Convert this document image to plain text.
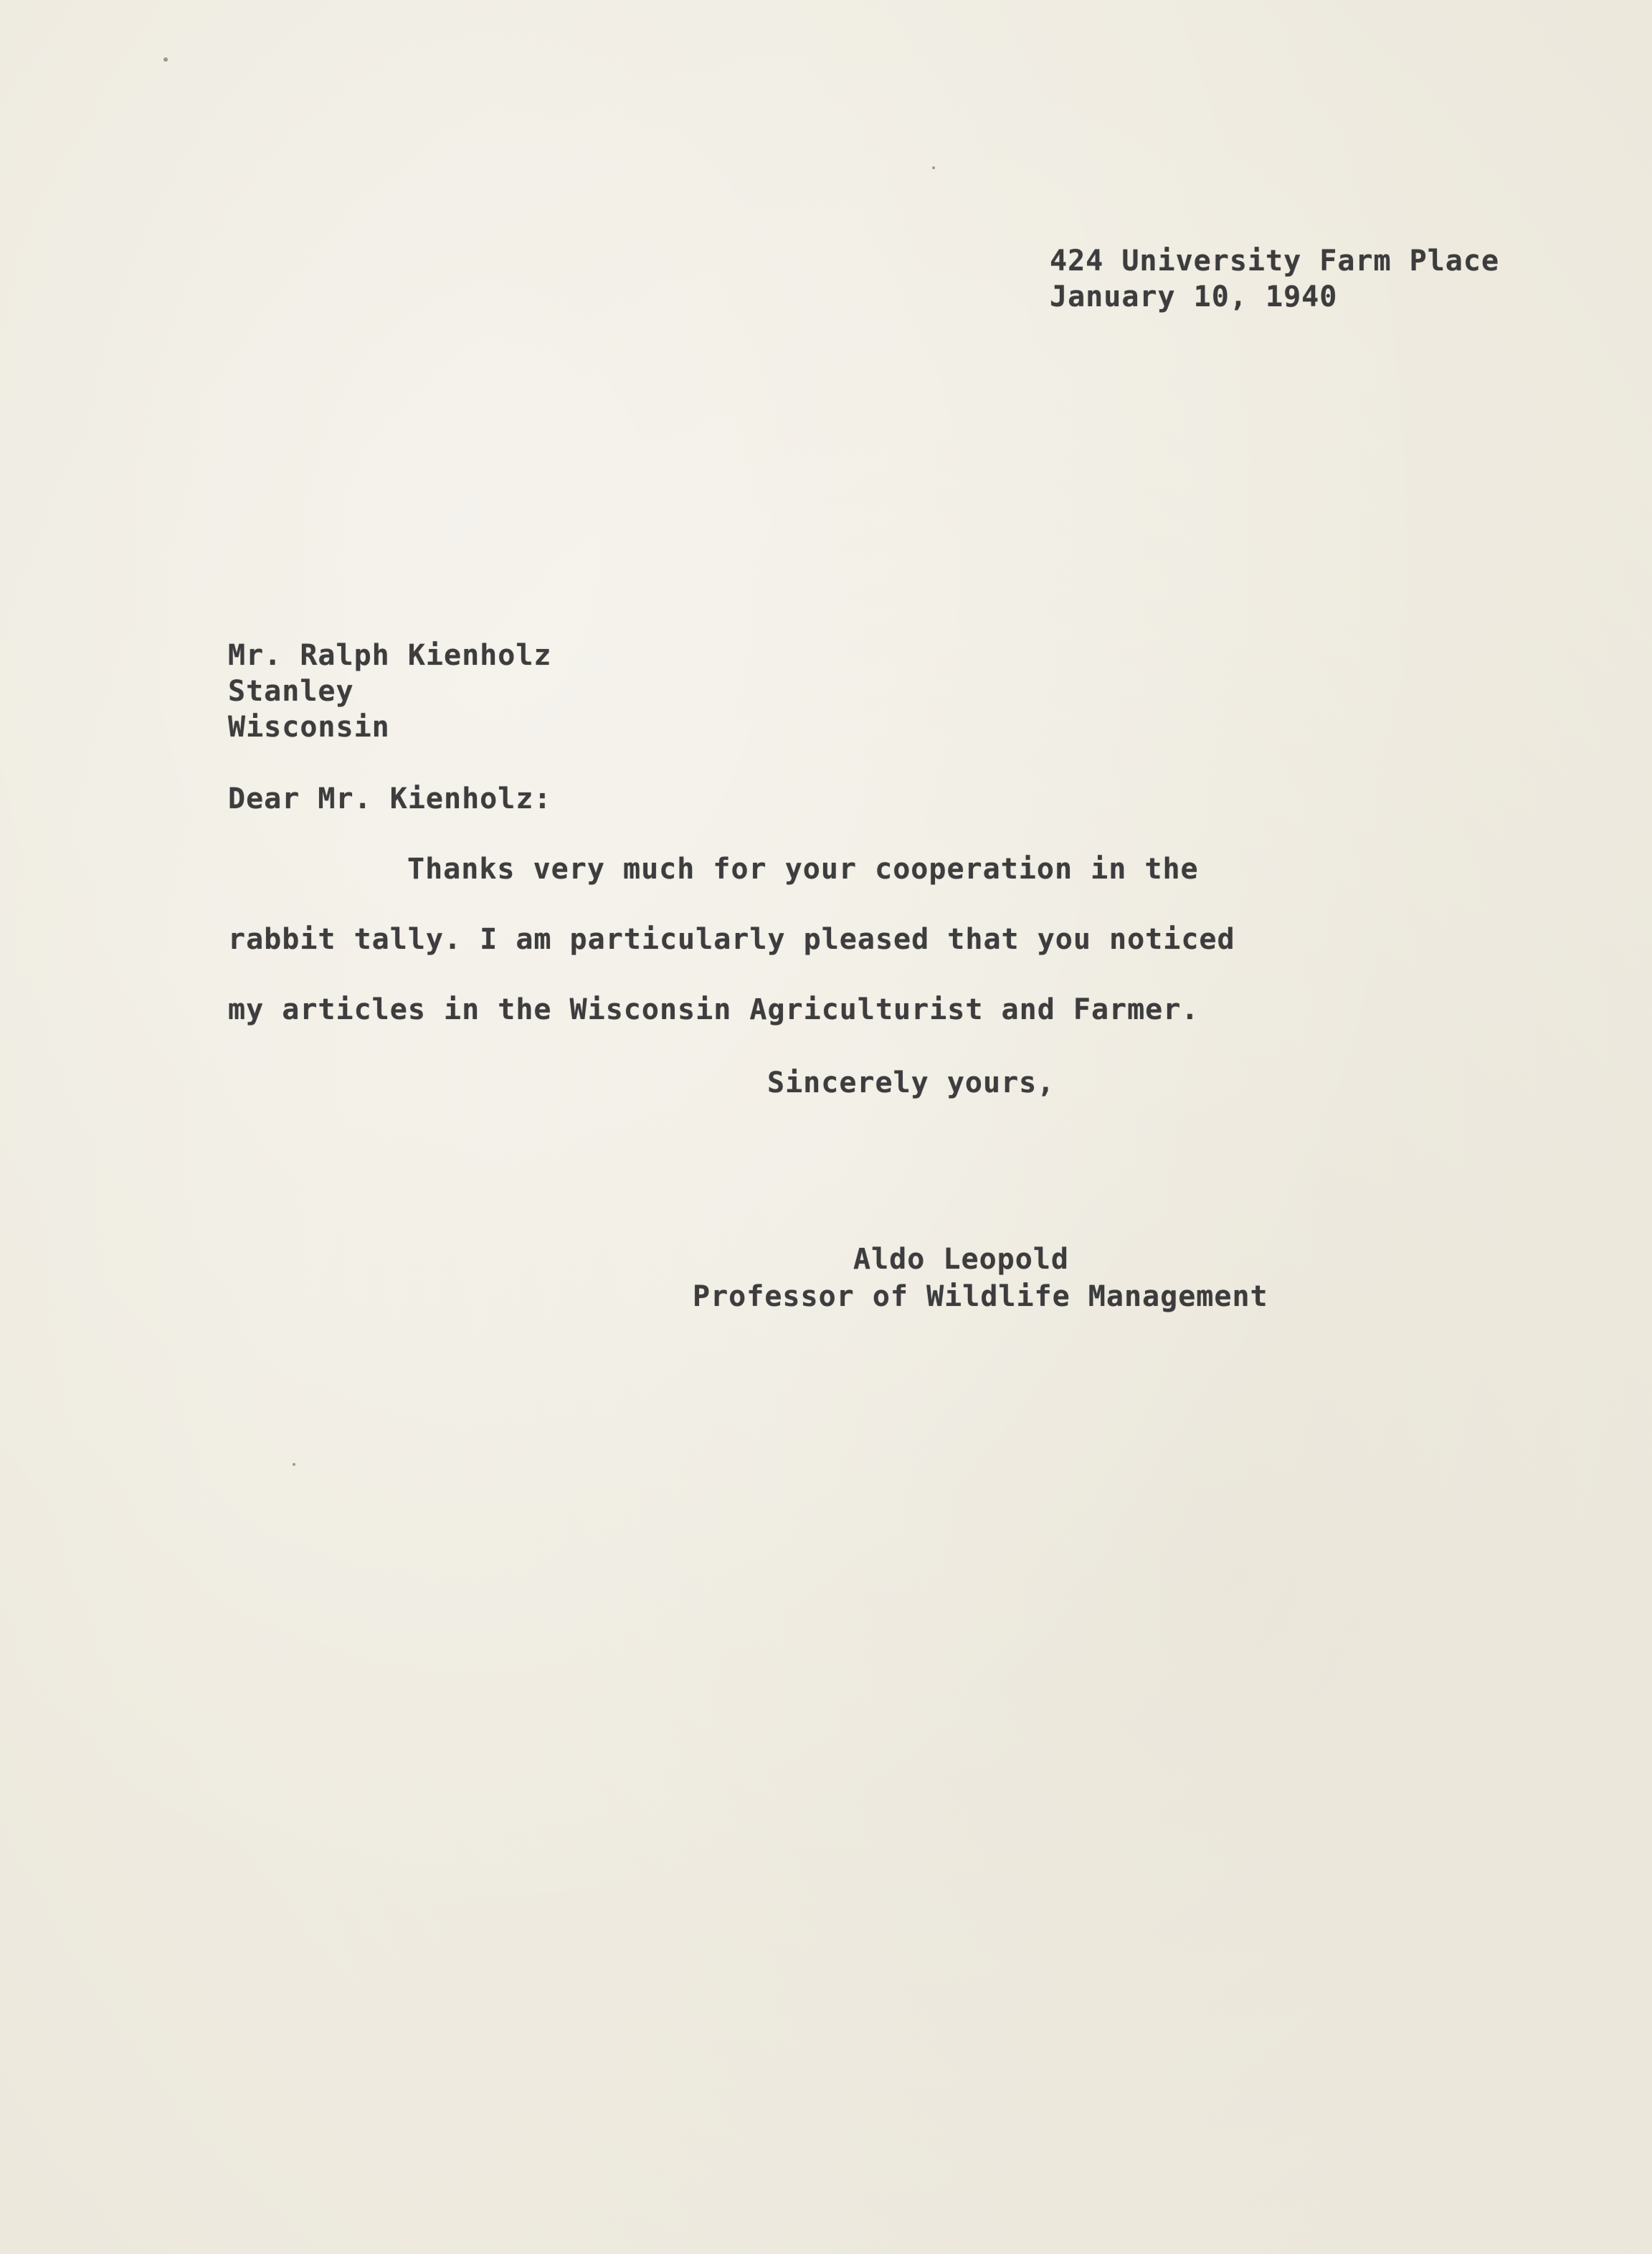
424 University Farm Place
January 10, 1940
Mr. Ralph Kienholz
Stanley
Wisconsin
Dear Mr. Kienholz:
Thanks very much for your cooperation in the
rabbit tally. I am particularly pleased that you noticed
my articles in the Wisconsin Agriculturist and Farmer.
Sincerely yours,
Aldo Leopold
Professor of Wildlife Management
